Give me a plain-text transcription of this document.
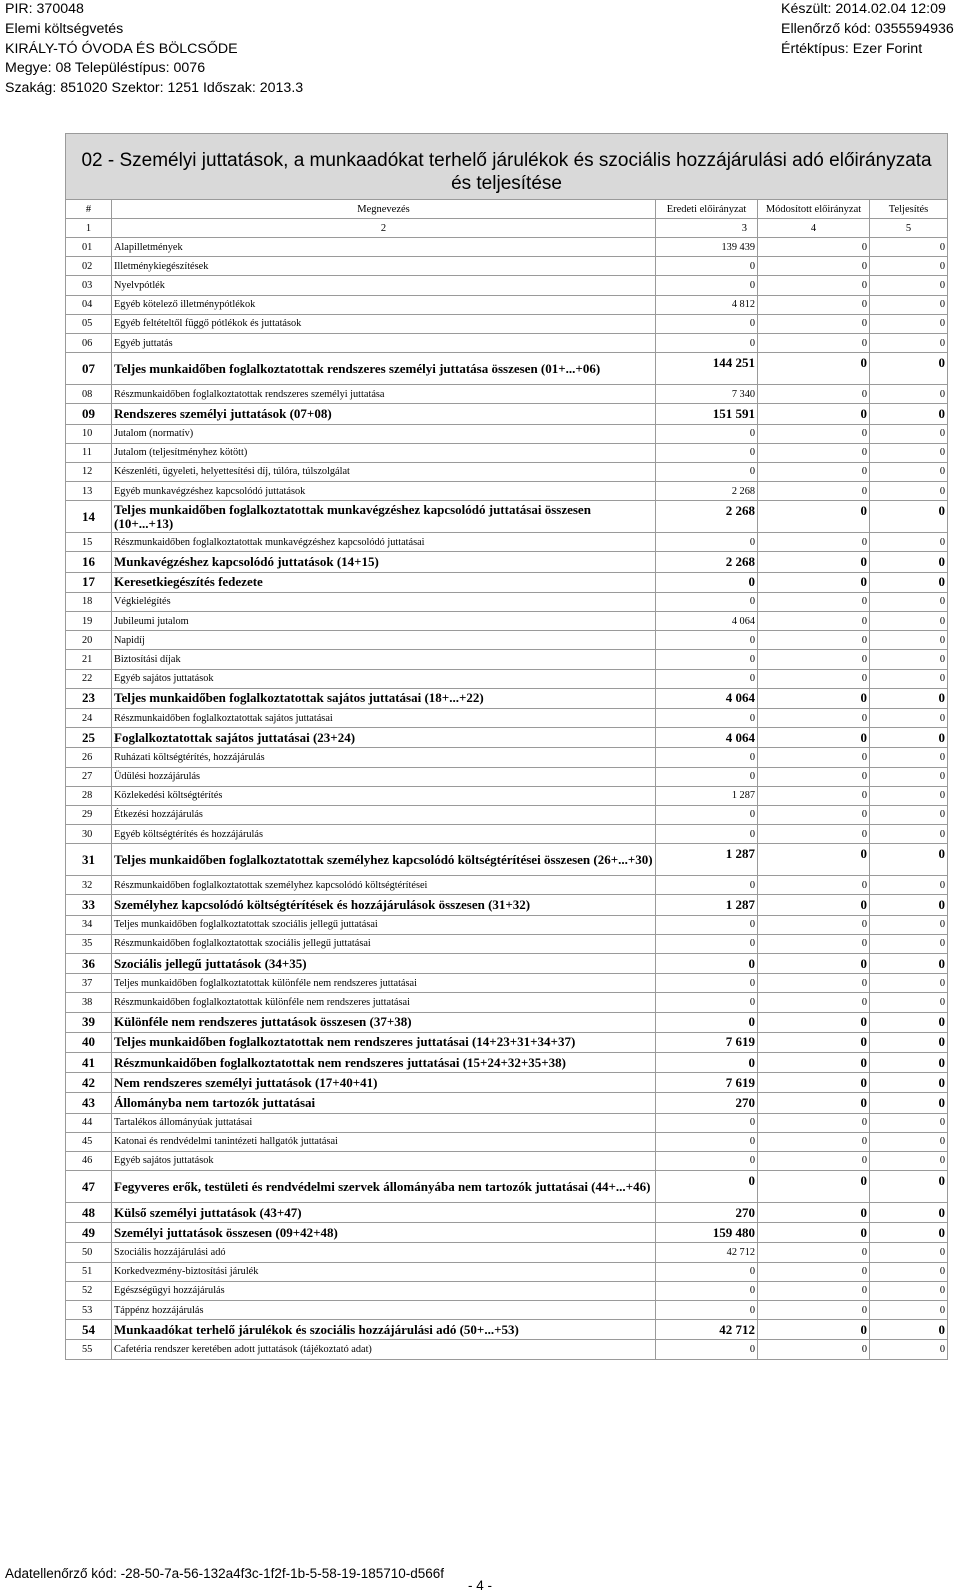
PIR: 370048
Elemi költségvetés
KIRÁLY-TÓ ÓVODA ÉS BÖLCSŐDE
Megye: 08 Településtípus: 0076
Szakág: 851020 Szektor: 1251 Időszak: 2013.3
Készült: 2014.02.04 12:09
Ellenőrző kód: 0355594936
Értéktípus: Ezer Forint
02 - Személyi juttatások, a munkaadókat terhelő járulékok és szociális hozzájárulási adó előirányzata és teljesítése				
#	Megnevezés	Eredeti előirányzat	Módosított előirányzat	Teljesítés
1	2	3	4	5
01	Alapilletmények	139 439	0	0
02	Illetménykiegészítések	0	0	0
03	Nyelvpótlék	0	0	0
04	Egyéb kötelező illetménypótlékok	4 812	0	0
05	Egyéb feltételtől függő pótlékok és juttatások	0	0	0
06	Egyéb juttatás	0	0	0
07	Teljes munkaidőben foglalkoztatottak rendszeres személyi juttatása összesen (01+...+06)	144 251	0	0
08	Részmunkaidőben foglalkoztatottak rendszeres személyi juttatása	7 340	0	0
09	Rendszeres személyi juttatások (07+08)	151 591	0	0
10	Jutalom (normatív)	0	0	0
11	Jutalom (teljesítményhez kötött)	0	0	0
12	Készenléti, ügyeleti, helyettesítési díj, túlóra, túlszolgálat	0	0	0
13	Egyéb munkavégzéshez kapcsolódó juttatások	2 268	0	0
14	Teljes munkaidőben foglalkoztatottak munkavégzéshez kapcsolódó juttatásai összesen (10+...+13)	2 268	0	0
15	Részmunkaidőben foglalkoztatottak munkavégzéshez kapcsolódó juttatásai	0	0	0
16	Munkavégzéshez kapcsolódó juttatások (14+15)	2 268	0	0
17	Keresetkiegészítés fedezete	0	0	0
18	Végkielégítés	0	0	0
19	Jubileumi jutalom	4 064	0	0
20	Napidíj	0	0	0
21	Biztosítási díjak	0	0	0
22	Egyéb sajátos juttatások	0	0	0
23	Teljes munkaidőben foglalkoztatottak sajátos juttatásai (18+...+22)	4 064	0	0
24	Részmunkaidőben foglalkoztatottak sajátos juttatásai	0	0	0
25	Foglalkoztatottak sajátos juttatásai (23+24)	4 064	0	0
26	Ruházati költségtérítés, hozzájárulás	0	0	0
27	Üdülési hozzájárulás	0	0	0
28	Közlekedési költségtérítés	1 287	0	0
29	Étkezési hozzájárulás	0	0	0
30	Egyéb költségtérítés és hozzájárulás	0	0	0
31	Teljes munkaidőben foglalkoztatottak személyhez kapcsolódó költségtérítései összesen (26+...+30)	1 287	0	0
32	Részmunkaidőben foglalkoztatottak személyhez kapcsolódó költségtérítései	0	0	0
33	Személyhez kapcsolódó költségtérítések és hozzájárulások összesen (31+32)	1 287	0	0
34	Teljes munkaidőben foglalkoztatottak szociális jellegű juttatásai	0	0	0
35	Részmunkaidőben foglalkoztatottak szociális jellegű juttatásai	0	0	0
36	Szociális jellegű juttatások (34+35)	0	0	0
37	Teljes munkaidőben foglalkoztatottak különféle nem rendszeres juttatásai	0	0	0
38	Részmunkaidőben foglalkoztatottak különféle nem rendszeres juttatásai	0	0	0
39	Különféle nem rendszeres juttatások összesen (37+38)	0	0	0
40	Teljes munkaidőben foglalkoztatottak nem rendszeres juttatásai (14+23+31+34+37)	7 619	0	0
41	Részmunkaidőben foglalkoztatottak nem rendszeres juttatásai (15+24+32+35+38)	0	0	0
42	Nem rendszeres személyi juttatások (17+40+41)	7 619	0	0
43	Állományba nem tartozók juttatásai	270	0	0
44	Tartalékos állományúak juttatásai	0	0	0
45	Katonai és rendvédelmi tanintézeti hallgatók juttatásai	0	0	0
46	Egyéb sajátos juttatások	0	0	0
47	Fegyveres erők, testületi és rendvédelmi szervek állományába nem tartozók juttatásai (44+...+46)	0	0	0
48	Külső személyi juttatások (43+47)	270	0	0
49	Személyi juttatások összesen (09+42+48)	159 480	0	0
50	Szociális hozzájárulási adó	42 712	0	0
51	Korkedvezmény-biztosítási járulék	0	0	0
52	Egészségügyi hozzájárulás	0	0	0
53	Táppénz hozzájárulás	0	0	0
54	Munkaadókat terhelő járulékok és szociális hozzájárulási adó (50+...+53)	42 712	0	0
55	Cafetéria rendszer keretében adott juttatások (tájékoztató adat)	0	0	0
Adatellenőrző kód: -28-50-7a-56-132a4f3c-1f2f-1b-5-58-19-185710-d566f
- 4 -
